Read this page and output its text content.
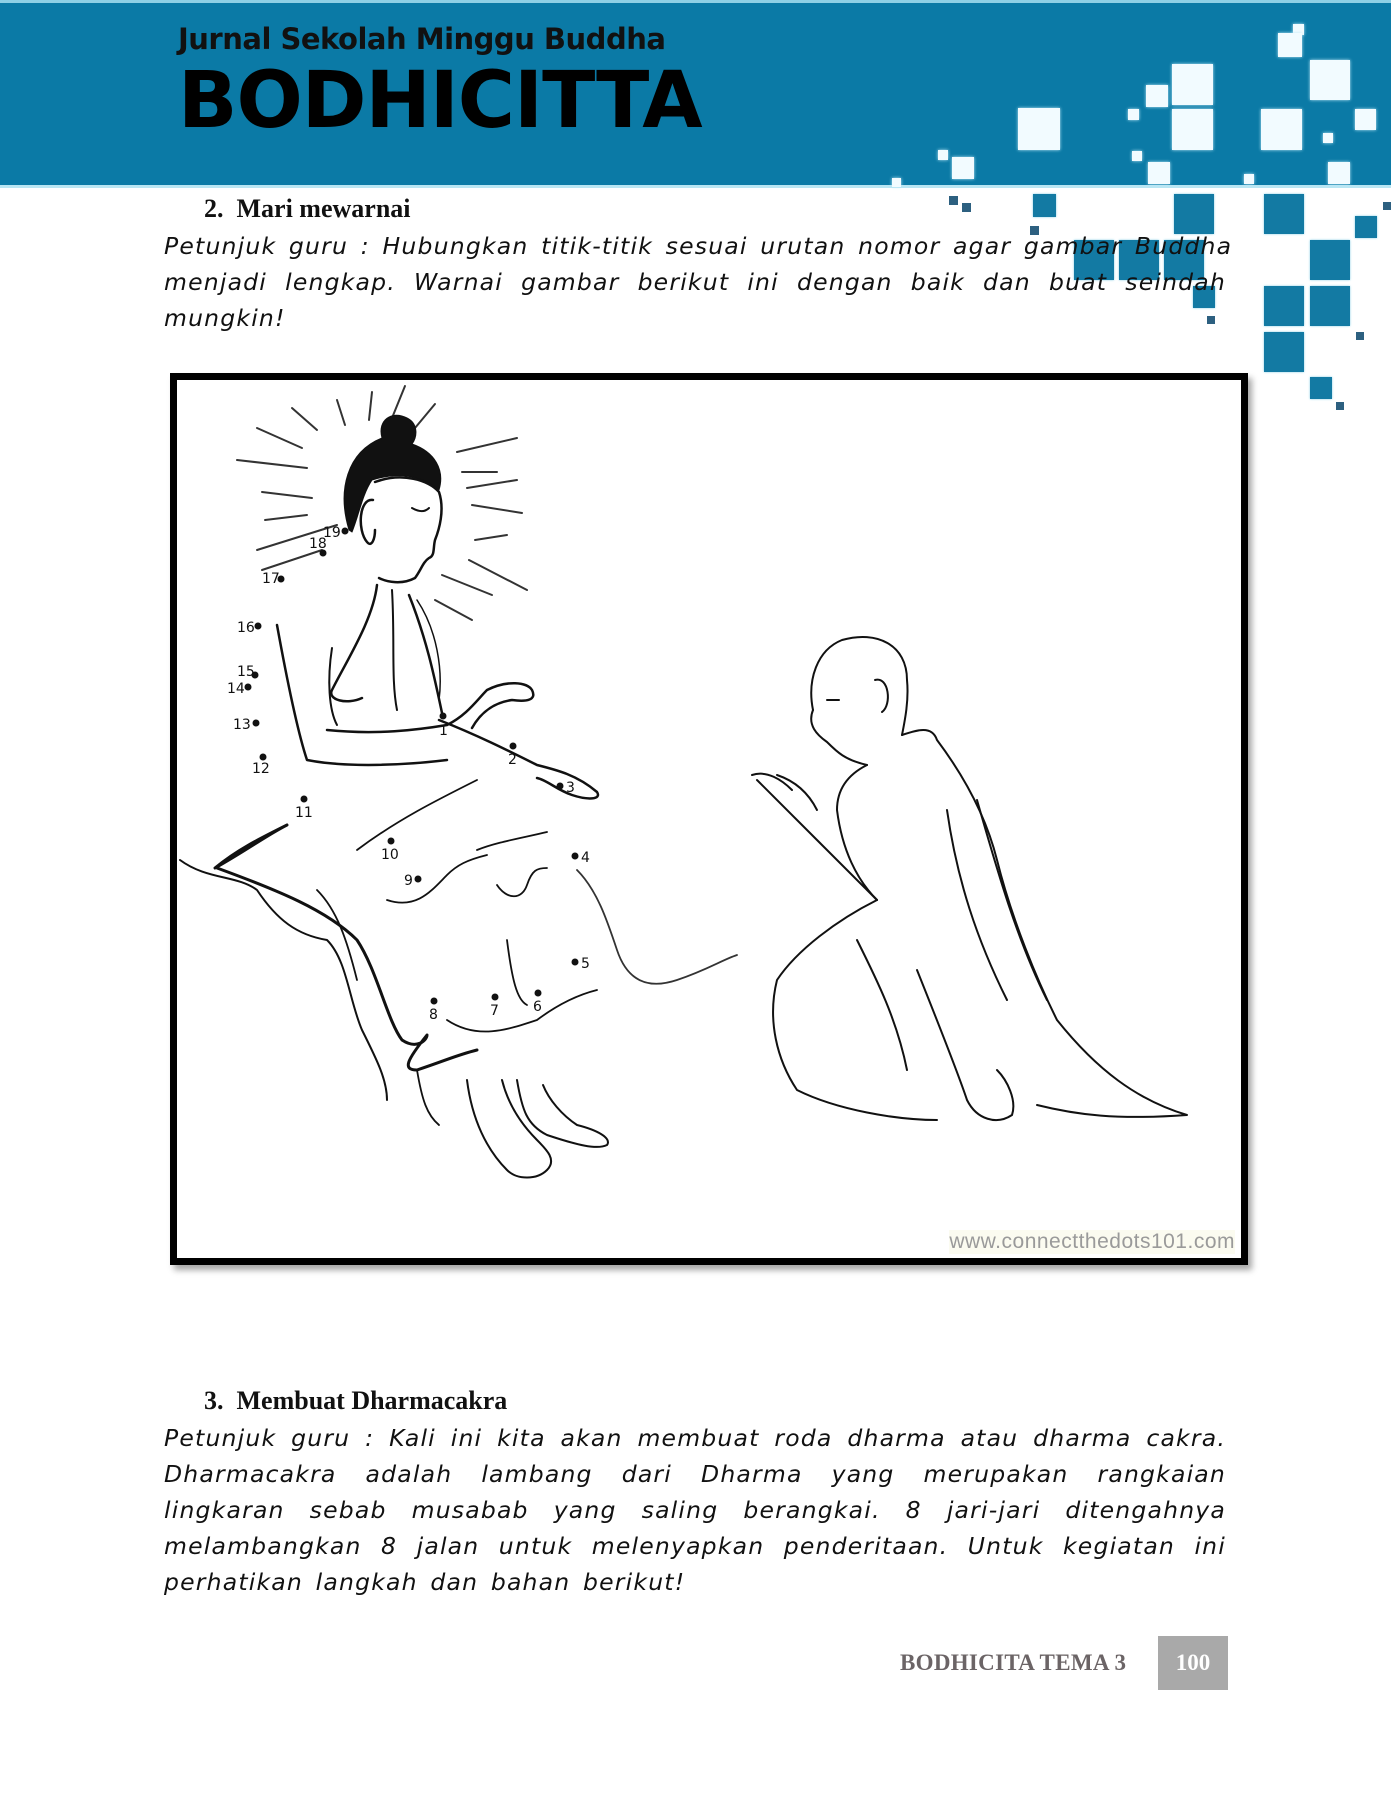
Jurnal Sekolah Minggu Buddha
BODHICITTA
2. Mari mewarnai
Petunjuk guru : Hubungkan titik-titik sesuai urutan nomor agar gambar Buddha
menjadi lengkap. Warnai gambar berikut ini dengan baik dan buat seindah
mungkin!
1
2
3
4
5
6
7
8
9
10
11
12
13
14
15
16
17
18
19
www.connectthedots101.com
3. Membuat Dharmacakra
Petunjuk guru : Kali ini kita akan membuat roda dharma atau dharma cakra.
Dharmacakra adalah lambang dari Dharma yang merupakan rangkaian
lingkaran sebab musabab yang saling berangkai. 8 jari-jari ditengahnya
melambangkan 8 jalan untuk melenyapkan penderitaan. Untuk kegiatan ini
perhatikan langkah dan bahan berikut!
BODHICITA TEMA 3	100
